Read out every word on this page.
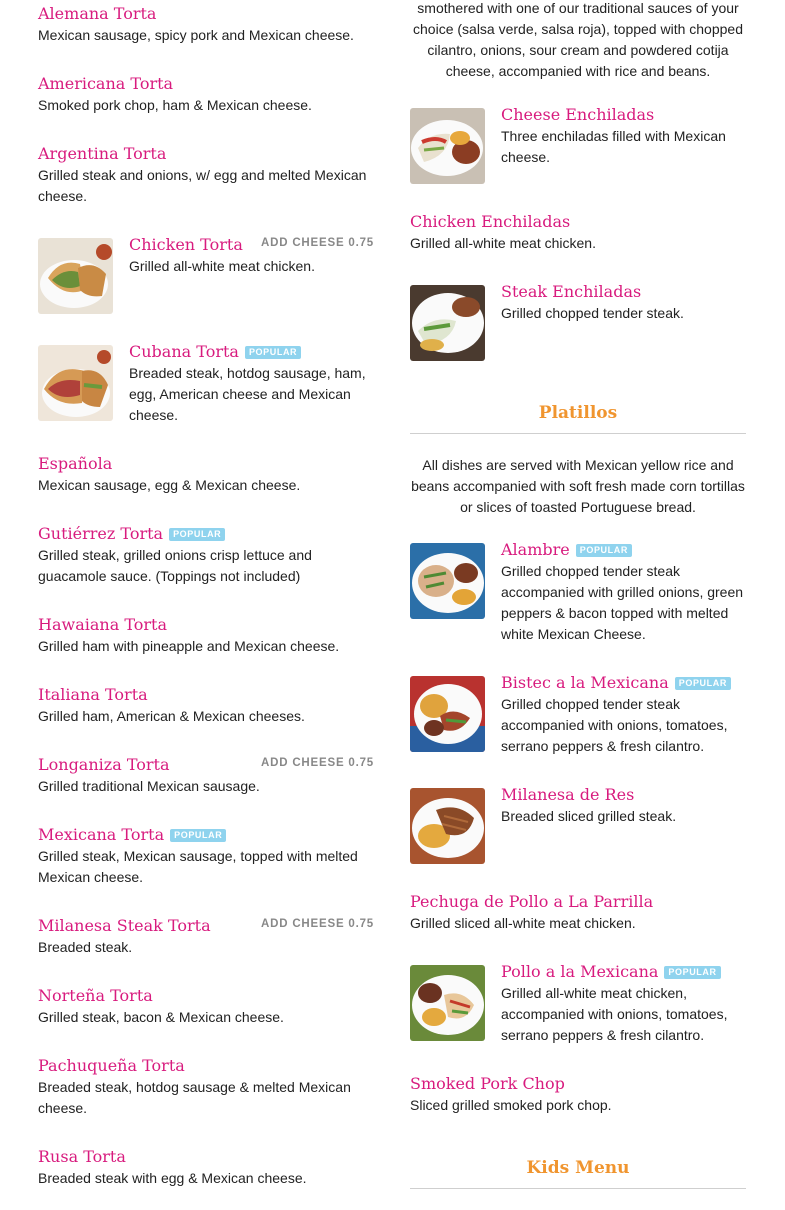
Alemana Torta
Mexican sausage, spicy pork and Mexican cheese.
Americana Torta
Smoked pork chop, ham & Mexican cheese.
Argentina Torta
Grilled steak and onions, w/ egg and melted Mexican cheese.
Chicken Torta
Grilled all-white meat chicken.
ADD CHEESE 0.75
Cubana Torta	POPULAR
Breaded steak, hotdog sausage, ham, egg, American cheese and Mexican cheese.
Española
Mexican sausage, egg & Mexican cheese.
Gutiérrez Torta	POPULAR
Grilled steak, grilled onions crisp lettuce and guacamole sauce. (Toppings not included)
Hawaiana Torta
Grilled ham with pineapple and Mexican cheese.
Italiana Torta
Grilled ham, American & Mexican cheeses.
Longaniza Torta
Grilled traditional Mexican sausage.
ADD CHEESE 0.75
Mexicana Torta	POPULAR
Grilled steak, Mexican sausage, topped with melted Mexican cheese.
Milanesa Steak Torta
Breaded steak.
ADD CHEESE 0.75
Norteña Torta
Grilled steak, bacon & Mexican cheese.
Pachuqueña Torta
Breaded steak, hotdog sausage & melted Mexican cheese.
Rusa Torta
Breaded steak with egg & Mexican cheese.
smothered with one of our traditional sauces of your choice (salsa verde, salsa roja), topped with chopped cilantro, onions, sour cream and powdered cotija cheese, accompanied with rice and beans.
Cheese Enchiladas
Three enchiladas filled with Mexican cheese.
Chicken Enchiladas
Grilled all-white meat chicken.
Steak Enchiladas
Grilled chopped tender steak.
Platillos
All dishes are served with Mexican yellow rice and beans accompanied with soft fresh made corn tortillas or slices of toasted Portuguese bread.
Alambre	POPULAR
Grilled chopped tender steak accompanied with grilled onions, green peppers & bacon topped with melted white Mexican Cheese.
Bistec a la Mexicana	POPULAR
Grilled chopped tender steak accompanied with onions, tomatoes, serrano peppers & fresh cilantro.
Milanesa de Res
Breaded sliced grilled steak.
Pechuga de Pollo a La Parrilla
Grilled sliced all-white meat chicken.
Pollo a la Mexicana	POPULAR
Grilled all-white meat chicken, accompanied with onions, tomatoes, serrano peppers & fresh cilantro.
Smoked Pork Chop
Sliced grilled smoked pork chop.
Kids Menu
